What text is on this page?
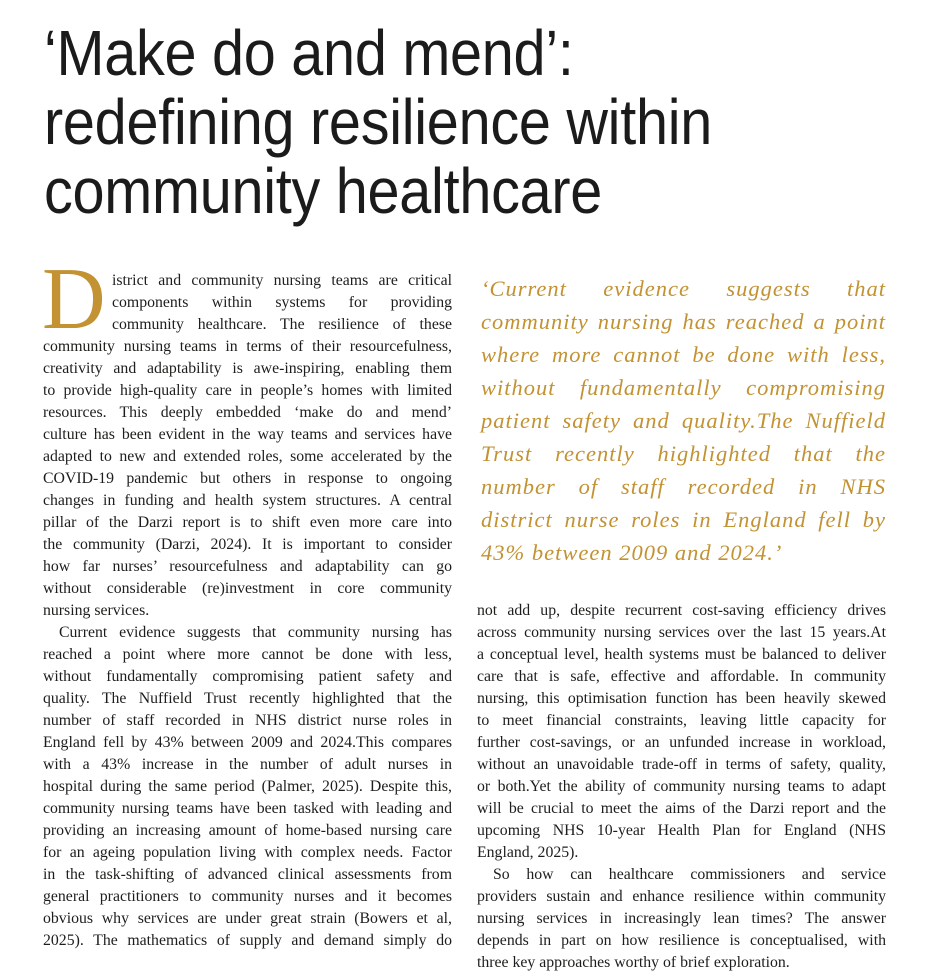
‘Make do and mend’:
redefining resilience within
community healthcare
D istrict and community nursing teams are critical
components within systems for providing
community healthcare. The resilience of these
community nursing teams in terms of their resourcefulness,
creativity and adaptability is awe-inspiring, enabling them
to provide high-quality care in people’s homes with limited
resources. This deeply embedded ‘make do and mend’
culture has been evident in the way teams and services have
adapted to new and extended roles, some accelerated by the
COVID-19 pandemic but others in response to ongoing
changes in funding and health system structures. A central
pillar of the Darzi report is to shift even more care into
the community (Darzi, 2024). It is important to consider
how far nurses’ resourcefulness and adaptability can go
without considerable (re)investment in core community
nursing services.
Current evidence suggests that community nursing has
reached a point where more cannot be done with less,
without fundamentally compromising patient safety and
quality. The Nuffield Trust recently highlighted that the
number of staff recorded in NHS district nurse roles in
England fell by 43% between 2009 and 2024.This compares
with a 43% increase in the number of adult nurses in
hospital during the same period (Palmer, 2025). Despite this,
community nursing teams have been tasked with leading and
providing an increasing amount of home-based nursing care
for an ageing population living with complex needs. Factor
in the task-shifting of advanced clinical assessments from
general practitioners to community nurses and it becomes
obvious why services are under great strain (Bowers et al,
2025). The mathematics of supply and demand simply do
‘Current evidence suggests that
community nursing has reached a point
where more cannot be done with less,
without fundamentally compromising
patient safety and quality.The Nuffield
Trust recently highlighted that the
number of staff recorded in NHS
district nurse roles in England fell by
43% between 2009 and 2024.’
not add up, despite recurrent cost-saving efficiency drives
across community nursing services over the last 15 years.At
a conceptual level, health systems must be balanced to deliver
care that is safe, effective and affordable. In community
nursing, this optimisation function has been heavily skewed
to meet financial constraints, leaving little capacity for
further cost-savings, or an unfunded increase in workload,
without an unavoidable trade-off in terms of safety, quality,
or both.Yet the ability of community nursing teams to adapt
will be crucial to meet the aims of the Darzi report and the
upcoming NHS 10-year Health Plan for England (NHS
England, 2025).
So how can healthcare commissioners and service
providers sustain and enhance resilience within community
nursing services in increasingly lean times? The answer
depends in part on how resilience is conceptualised, with
three key approaches worthy of brief exploration.
